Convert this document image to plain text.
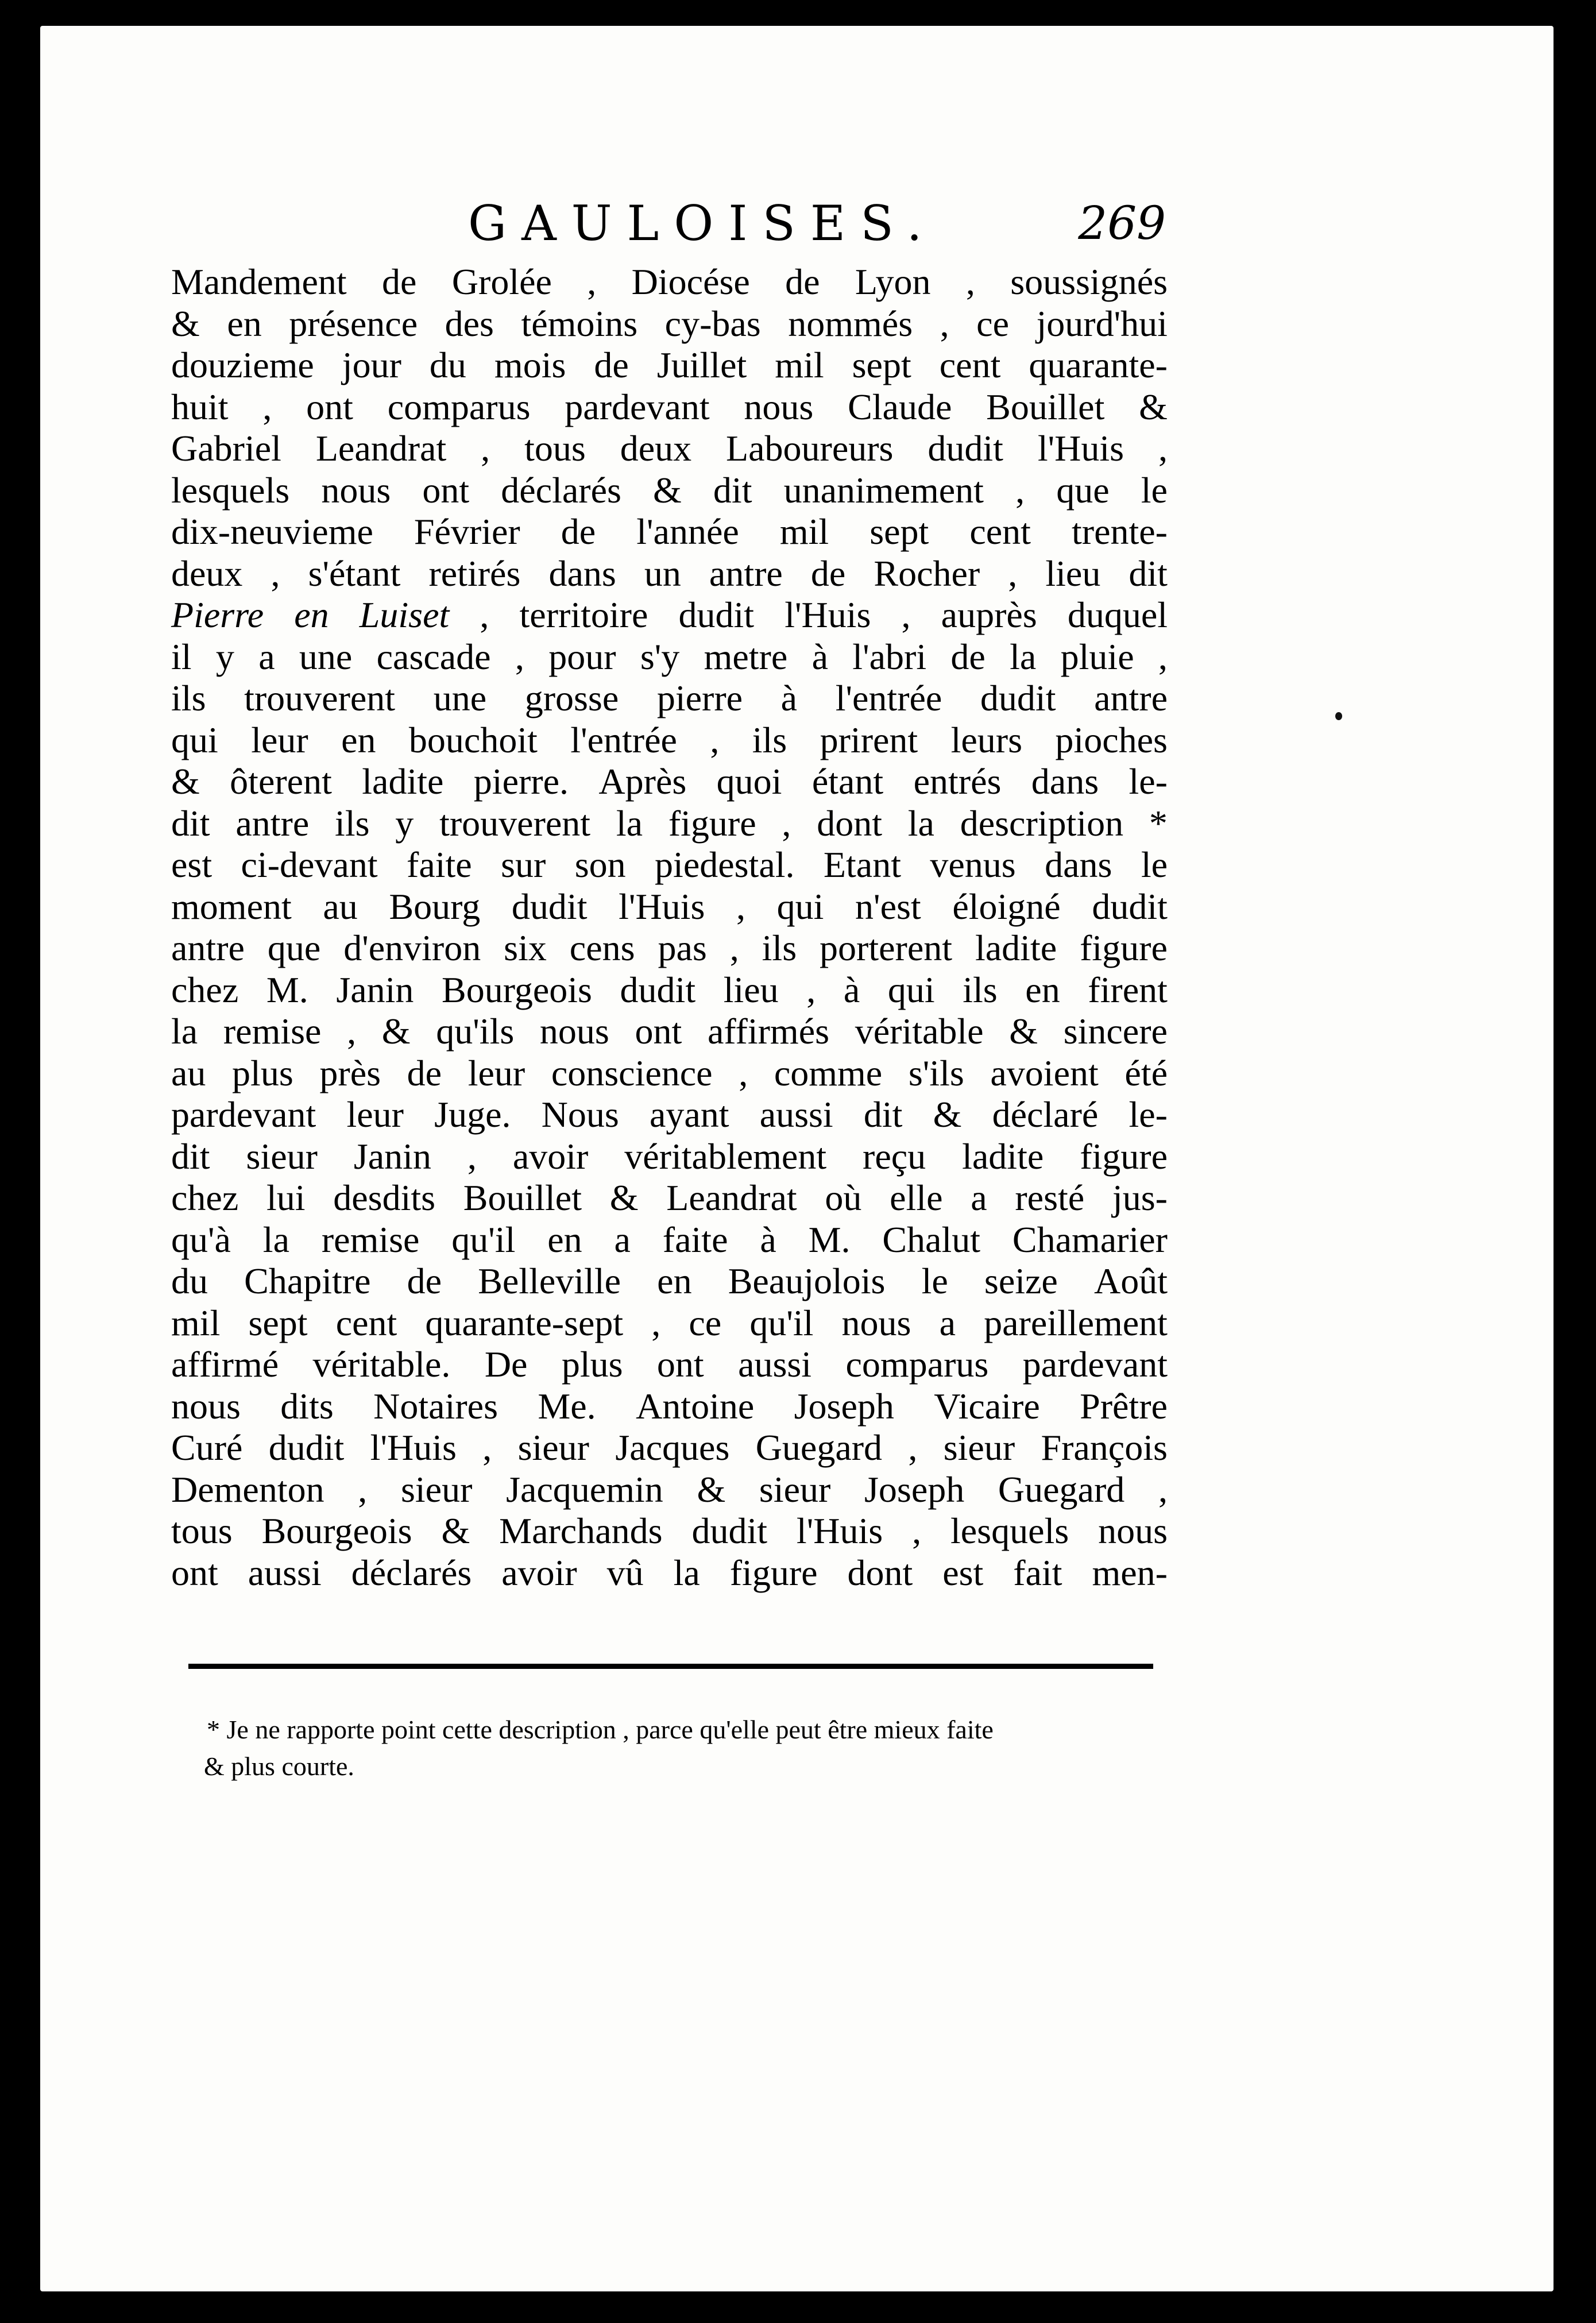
GAULOISES.	269
Mandement de Grolée , Diocése de Lyon , soussignés
& en présence des témoins cy-bas nommés , ce jourd'hui
douzieme jour du mois de Juillet mil sept cent quarante-
huit , ont comparus pardevant nous Claude Bouillet &
Gabriel Leandrat , tous deux Laboureurs dudit l'Huis ,
lesquels nous ont déclarés & dit unanimement , que le
dix-neuvieme Février de l'année mil sept cent trente-
deux , s'étant retirés dans un antre de Rocher , lieu dit
Pierre en Luiset , territoire dudit l'Huis , auprès duquel
il y a une cascade , pour s'y metre à l'abri de la pluie ,
ils trouverent une grosse pierre à l'entrée dudit antre
qui leur en bouchoit l'entrée , ils prirent leurs pioches
& ôterent ladite pierre. Après quoi étant entrés dans le-
dit antre ils y trouverent la figure , dont la description *
est ci-devant faite sur son piedestal. Etant venus dans le
moment au Bourg dudit l'Huis , qui n'est éloigné dudit
antre que d'environ six cens pas , ils porterent ladite figure
chez M. Janin Bourgeois dudit lieu , à qui ils en firent
la remise , & qu'ils nous ont affirmés véritable & sincere
au plus près de leur conscience , comme s'ils avoient été
pardevant leur Juge. Nous ayant aussi dit & déclaré le-
dit sieur Janin , avoir véritablement reçu ladite figure
chez lui desdits Bouillet & Leandrat où elle a resté jus-
qu'à la remise qu'il en a faite à M. Chalut Chamarier
du Chapitre de Belleville en Beaujolois le seize Août
mil sept cent quarante-sept , ce qu'il nous a pareillement
affirmé véritable. De plus ont aussi comparus pardevant
nous dits Notaires Me. Antoine Joseph Vicaire Prêtre
Curé dudit l'Huis , sieur Jacques Guegard , sieur François
Dementon , sieur Jacquemin & sieur Joseph Guegard ,
tous Bourgeois & Marchands dudit l'Huis , lesquels nous
ont aussi déclarés avoir vû la figure dont est fait men-
* Je ne rapporte point cette description , parce qu'elle peut être mieux faite
& plus courte.
